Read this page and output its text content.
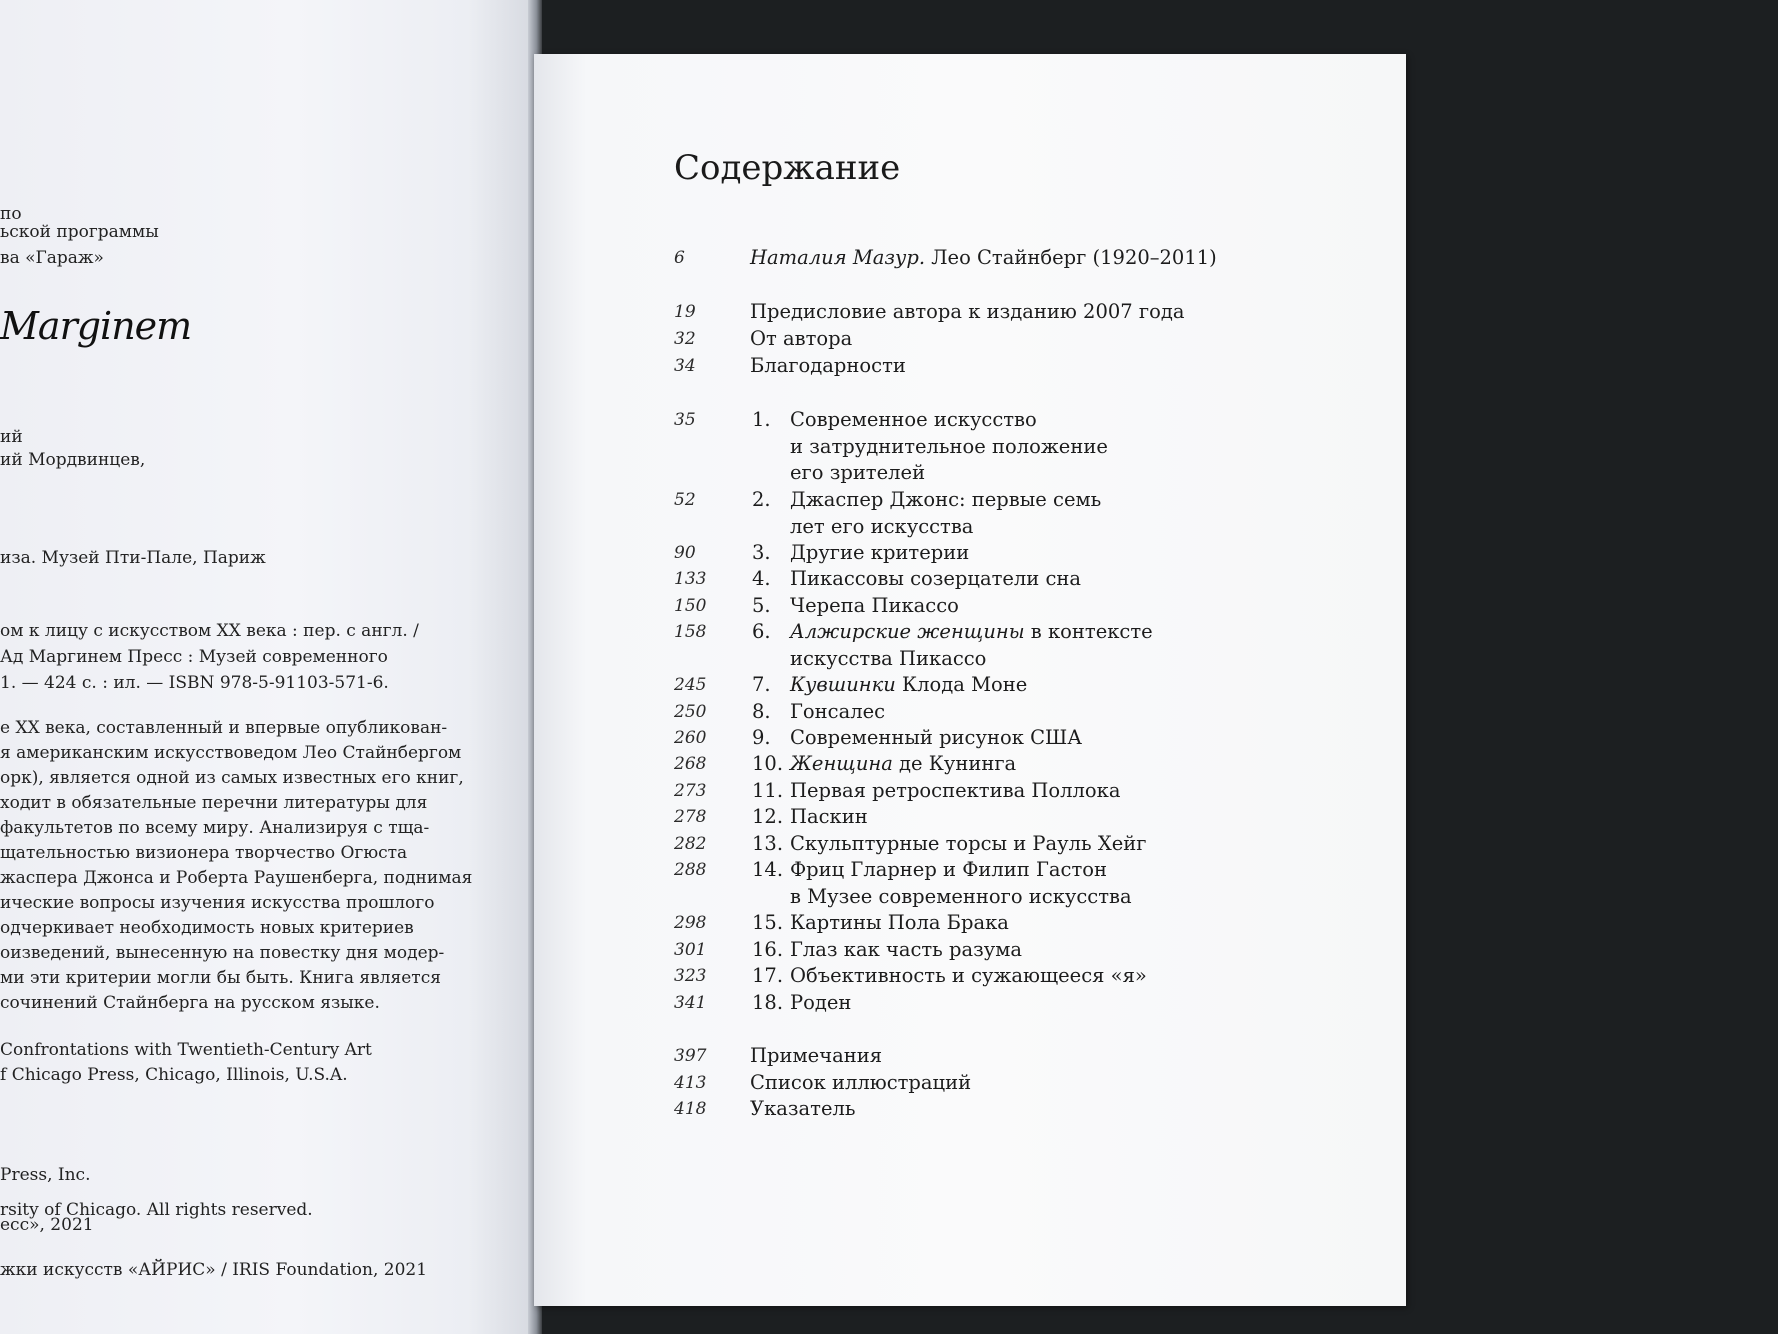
Marginem
по
ьской программы
ва «Гараж»
ий
ий Мордвинцев,
иза. Музей Пти-Пале, Париж
ом к лицу с искусством XX века : пер. с англ. /
Ад Маргинем Пресс : Музей современного
1. — 424 с. : ил. — ISBN 978-5-91103-571-6.
е XX века, составленный и впервые опубликован-
я американским искусствоведом Лео Стайнбергом
орк), является одной из самых известных его книг,
ходит в обязательные перечни литературы для
факультетов по всему миру. Анализируя с тща-
щательностью визионера творчество Огюста
жаспера Джонса и Роберта Раушенберга, поднимая
ические вопросы изучения искусства прошлого
одчеркивает необходимость новых критериев
оизведений, вынесенную на повестку дня модер-
ми эти критерии могли бы быть. Книга является
сочинений Стайнберга на русском языке.
Confrontations with Twentieth-Century Art
f Chicago Press, Chicago, Illinois, U.S.A.
Press, Inc.
rsity of Chicago. All rights reserved.
есс», 2021
жки искусств «АЙРИС» / IRIS Foundation, 2021
Содержание
6	Наталия Мазур. Лео Стайнберг (1920–2011)
19	Предисловие автора к изданию 2007 года
32	От автора
34	Благодарности
35	1. Современное искусство
и затруднительное положение
его зрителей
52	2. Джаспер Джонс: первые семь
лет его искусства
90	3. Другие критерии
133 4. Пикассовы созерцатели сна
150 5. Черепа Пикассо
158 6. Алжирские женщины в контексте
искусства Пикассо
245 7. Кувшинки Клода Моне
250 8. Гонсалес
260 9. Современный рисунок США
268 10. Женщина де Кунинга
273 11. Первая ретроспектива Поллока
278 12. Паскин
282 13. Скульптурные торсы и Рауль Хейг
288 14. Фриц Гларнер и Филип Гастон
в Музее современного искусства
298 15. Картины Пола Брака
301 16. Глаз как часть разума
323 17. Объективность и сужающееся «я»
341 18. Роден
397 Примечания
413 Список иллюстраций
418 Указатель
